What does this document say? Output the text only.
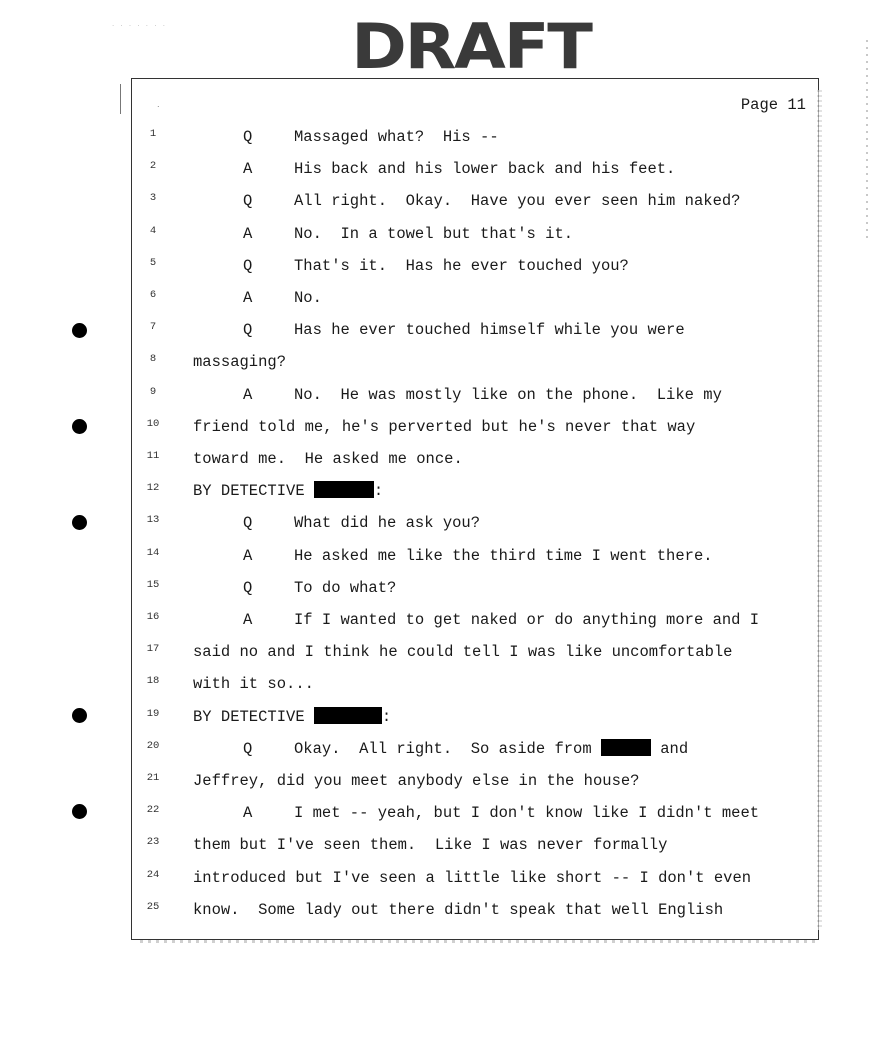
. . . . . . .	DRAFT
.	Page 11
1	Q	Massaged what?  His --
2	A	His back and his lower back and his feet.
3	Q	All right.  Okay.  Have you ever seen him naked?
4	A	No.  In a towel but that's it.
5	Q	That's it.  Has he ever touched you?
6	A	No.
7	Q	Has he ever touched himself while you were
8	massaging?
9	A	No.  He was mostly like on the phone.  Like my
10	friend told me, he's perverted but he's never that way
11	toward me.  He asked me once.
12	BY DETECTIVE	:
13	Q	What did he ask you?
14	A	He asked me like the third time I went there.
15	Q	To do what?
16	A	If I wanted to get naked or do anything more and I
17	said no and I think he could tell I was like uncomfortable
18	with it so...
19	BY DETECTIVE	:
20	Q	Okay.  All right.  So aside from	and
21	Jeffrey, did you meet anybody else in the house?
22	A	I met -- yeah, but I don't know like I didn't meet
23	them but I've seen them.  Like I was never formally
24	introduced but I've seen a little like short -- I don't even
25	know.  Some lady out there didn't speak that well English
